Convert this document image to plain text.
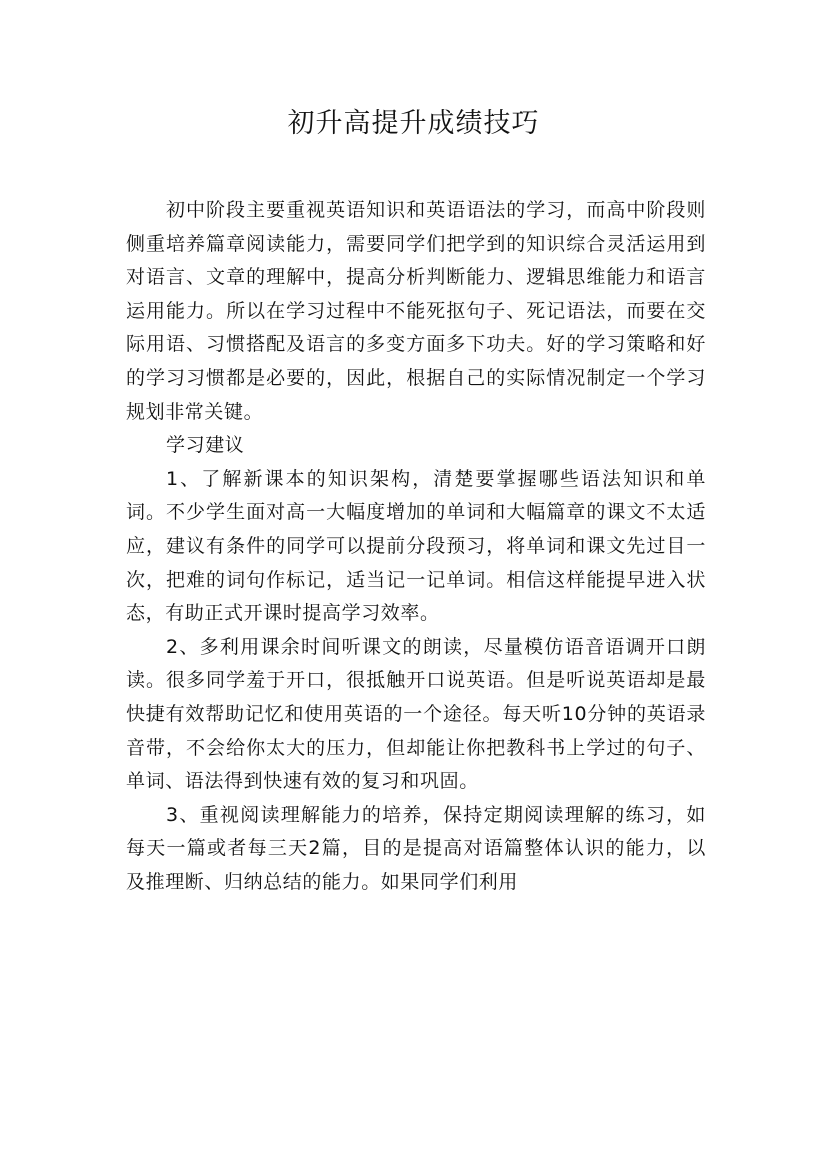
初升高提升成绩技巧

初中阶段主要重视英语知识和英语语法的学习，而高中阶段则侧重培养篇章阅读能力，需要同学们把学到的知识综合灵活运用到对语言、文章的理解中，提高分析判断能力、逻辑思维能力和语言运用能力。所以在学习过程中不能死抠句子、死记语法，而要在交际用语、习惯搭配及语言的多变方面多下功夫。好的学习策略和好的学习习惯都是必要的，因此，根据自己的实际情况制定一个学习规划非常关键。

学习建议

1、了解新课本的知识架构，清楚要掌握哪些语法知识和单词。不少学生面对高一大幅度增加的单词和大幅篇章的课文不太适应，建议有条件的同学可以提前分段预习，将单词和课文先过目一次，把难的词句作标记，适当记一记单词。相信这样能提早进入状态，有助正式开课时提高学习效率。

2、多利用课余时间听课文的朗读，尽量模仿语音语调开口朗读。很多同学羞于开口，很抵触开口说英语。但是听说英语却是最快捷有效帮助记忆和使用英语的一个途径。每天听10分钟的英语录音带，不会给你太大的压力，但却能让你把教科书上学过的句子、单词、语法得到快速有效的复习和巩固。

3、重视阅读理解能力的培养，保持定期阅读理解的练习，如每天一篇或者每三天2篇，目的是提高对语篇整体认识的能力，以及推理断、归纳总结的能力。如果同学们利用
